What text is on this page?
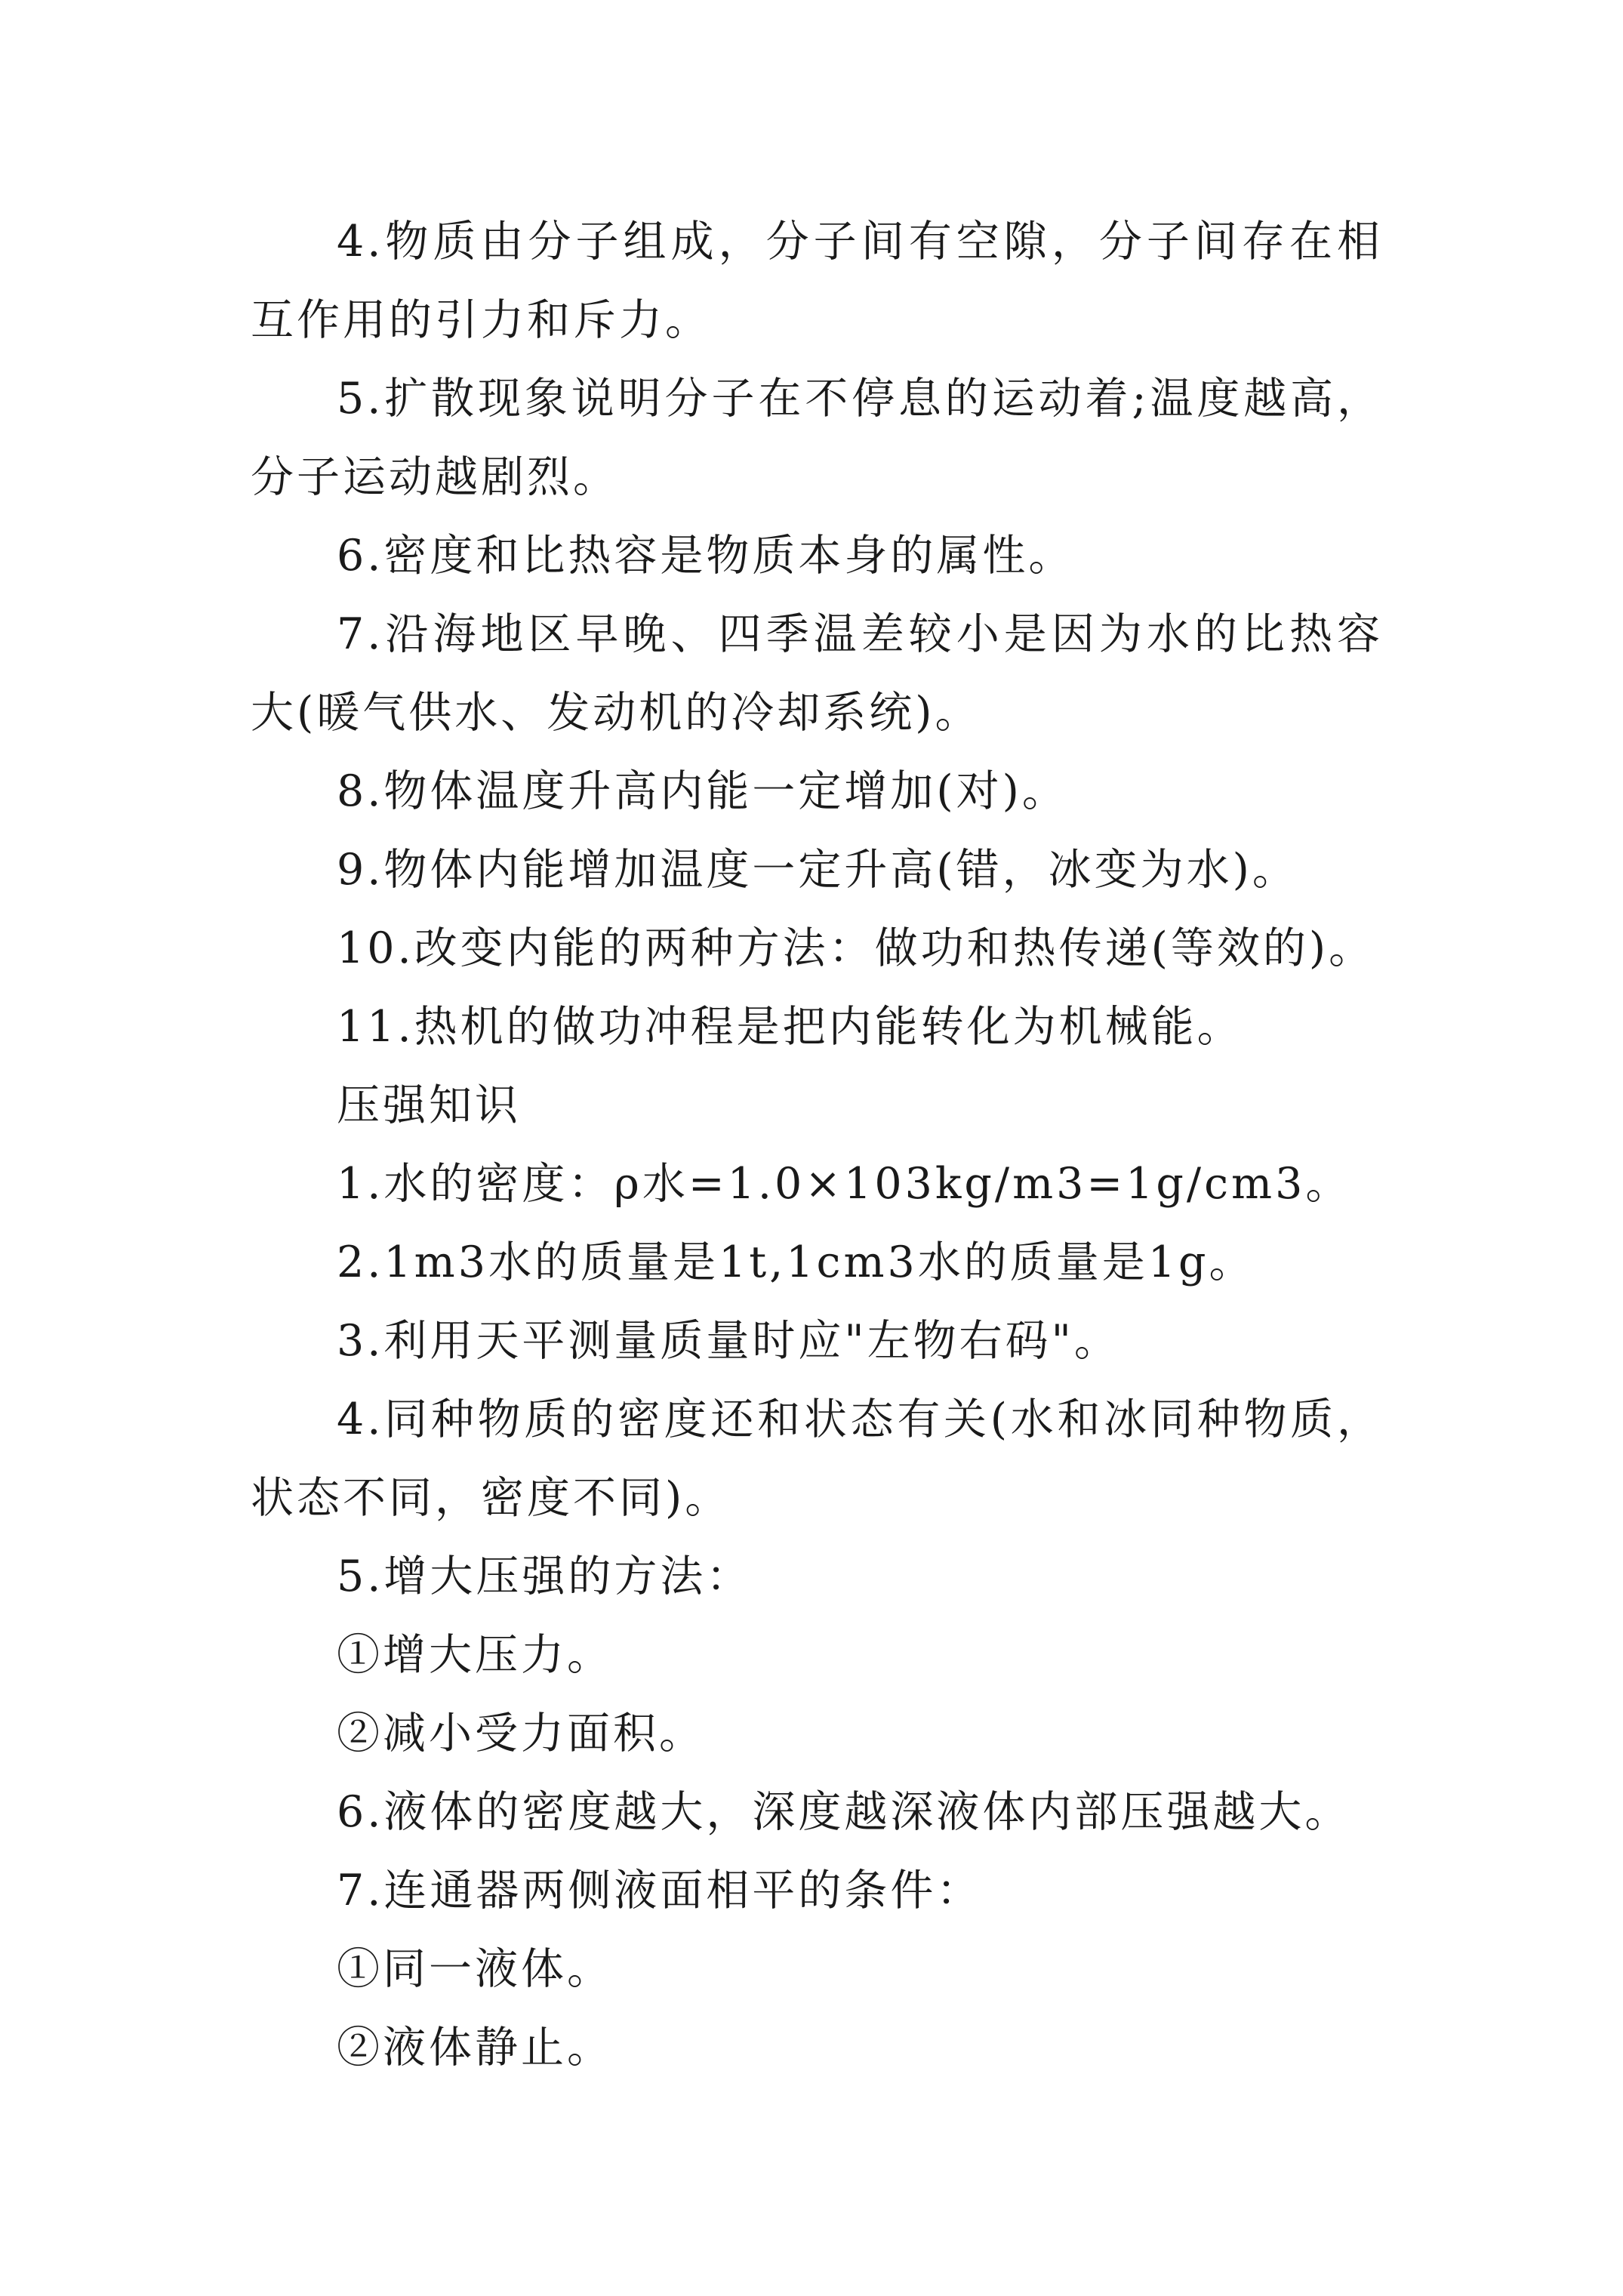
4.物质由分子组成，分子间有空隙，分子间存在相互作用的引力和斥力。

5.扩散现象说明分子在不停息的运动着;温度越高，分子运动越剧烈。

6.密度和比热容是物质本身的属性。

7.沿海地区早晚、四季温差较小是因为水的比热容大(暖气供水、发动机的冷却系统)。

8.物体温度升高内能一定增加(对)。

9.物体内能增加温度一定升高(错，冰变为水)。

10.改变内能的两种方法：做功和热传递(等效的)。

11.热机的做功冲程是把内能转化为机械能。

压强知识

1.水的密度：ρ水=1.0×103kg/m3=1g/cm3。

2.1m3水的质量是1t,1cm3水的质量是1g。

3.利用天平测量质量时应"左物右码"。

4.同种物质的密度还和状态有关(水和冰同种物质，状态不同，密度不同)。

5.增大压强的方法：

①增大压力。

②减小受力面积。

6.液体的密度越大，深度越深液体内部压强越大。

7.连通器两侧液面相平的条件：

①同一液体。

②液体静止。
